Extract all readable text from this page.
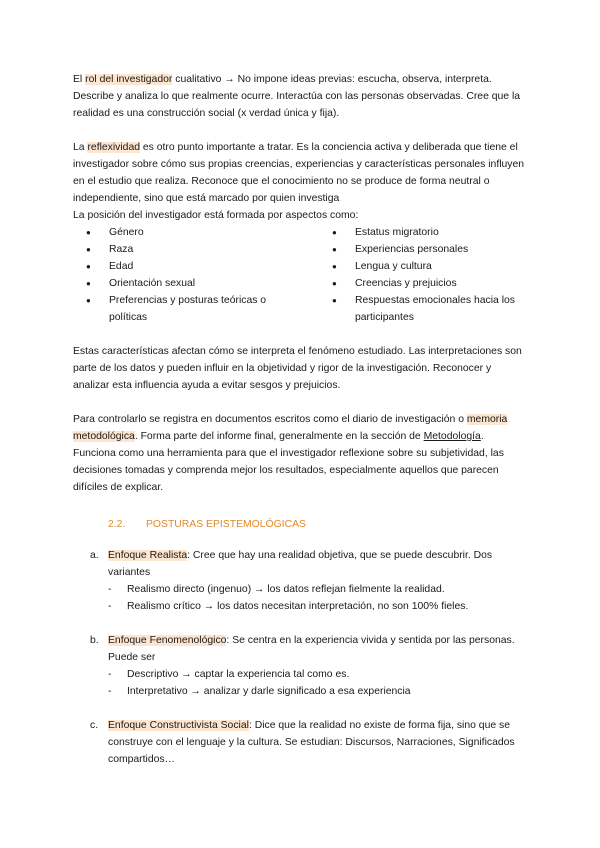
El rol del investigador cualitativo → No impone ideas previas: escucha, observa, interpreta. Describe y analiza lo que realmente ocurre. Interactúa con las personas observadas. Cree que la realidad es una construcción social (x verdad única y fija).

La reflexividad es otro punto importante a tratar. Es la conciencia activa y deliberada que tiene el investigador sobre cómo sus propias creencias, experiencias y características personales influyen en el estudio que realiza. Reconoce que el conocimiento no se produce de forma neutral o independiente, sino que está marcado por quien investiga

La posición del investigador está formada por aspectos como:

● Género
● Raza
● Edad
● Orientación sexual
● Preferencias y posturas teóricas o políticas
● Estatus migratorio
● Experiencias personales
● Lengua y cultura
● Creencias y prejuicios
● Respuestas emocionales hacia los participantes

Estas características afectan cómo se interpreta el fenómeno estudiado. Las interpretaciones son parte de los datos y pueden influir en la objetividad y rigor de la investigación. Reconocer y analizar esta influencia ayuda a evitar sesgos y prejuicios.

Para controlarlo se registra en documentos escritos como el diario de investigación o memoria metodológica. Forma parte del informe final, generalmente en la sección de Metodología. Funciona como una herramienta para que el investigador reflexione sobre su subjetividad, las decisiones tomadas y comprenda mejor los resultados, especialmente aquellos que parecen difíciles de explicar.

2.2. POSTURAS EPISTEMOLÓGICAS
a. Enfoque Realista: Cree que hay una realidad objetiva, que se puede descubrir. Dos variantes
- Realismo directo (ingenuo) → los datos reflejan fielmente la realidad.
- Realismo crítico → los datos necesitan interpretación, no son 100% fieles.
b. Enfoque Fenomenológico: Se centra en la experiencia vivida y sentida por las personas. Puede ser
- Descriptivo → captar la experiencia tal como es.
- Interpretativo → analizar y darle significado a esa experiencia
c. Enfoque Constructivista Social: Dice que la realidad no existe de forma fija, sino que se construye con el lenguaje y la cultura. Se estudian: Discursos, Narraciones, Significados compartidos…
